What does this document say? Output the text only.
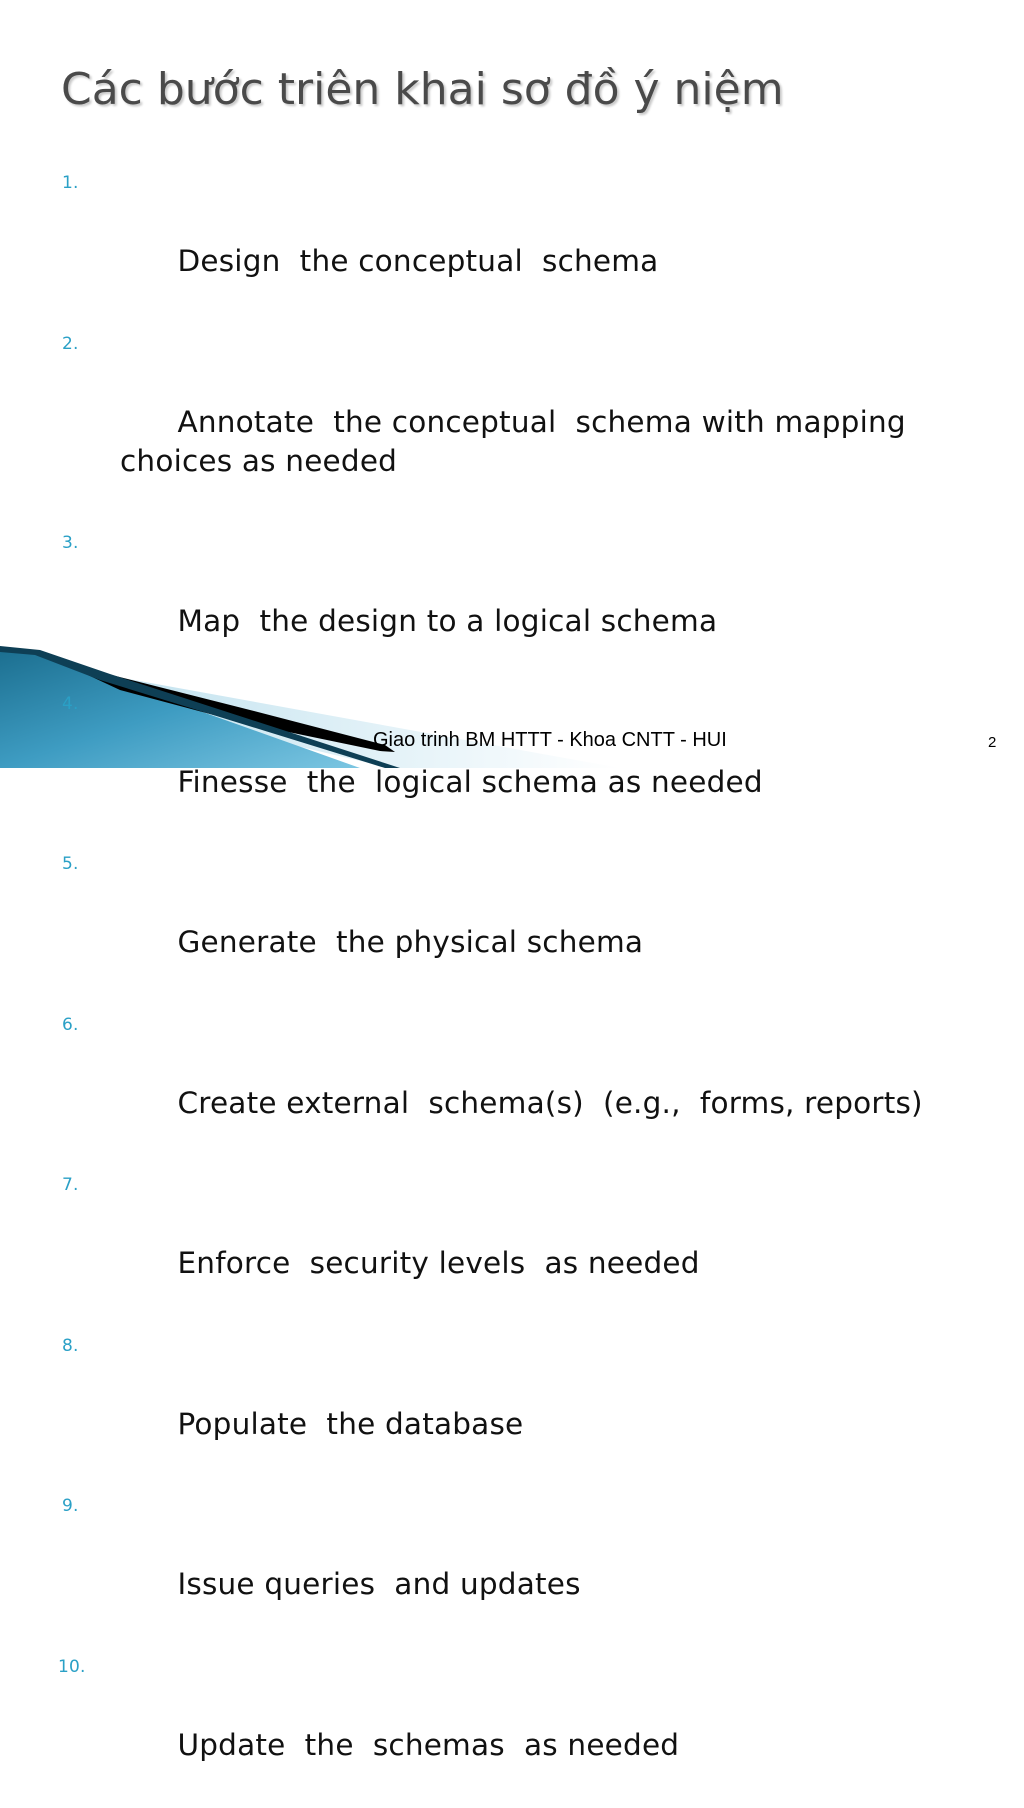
Các bước triên khai sơ đồ ý niệm

1.

Design  the conceptual  schema

2.

Annotate  the conceptual  schema with mapping choices as needed

3.

Map  the design to a logical schema

4.

Finesse  the  logical schema as needed

5.

Generate  the physical schema

6.

Create external  schema(s)  (e.g.,  forms, reports)

7.

Enforce  security levels  as needed

8.

Populate  the database

9.

Issue queries  and updates

10.

Update  the  schemas  as needed

Giao trinh BM HTTT - Khoa CNTT - HUI	2
